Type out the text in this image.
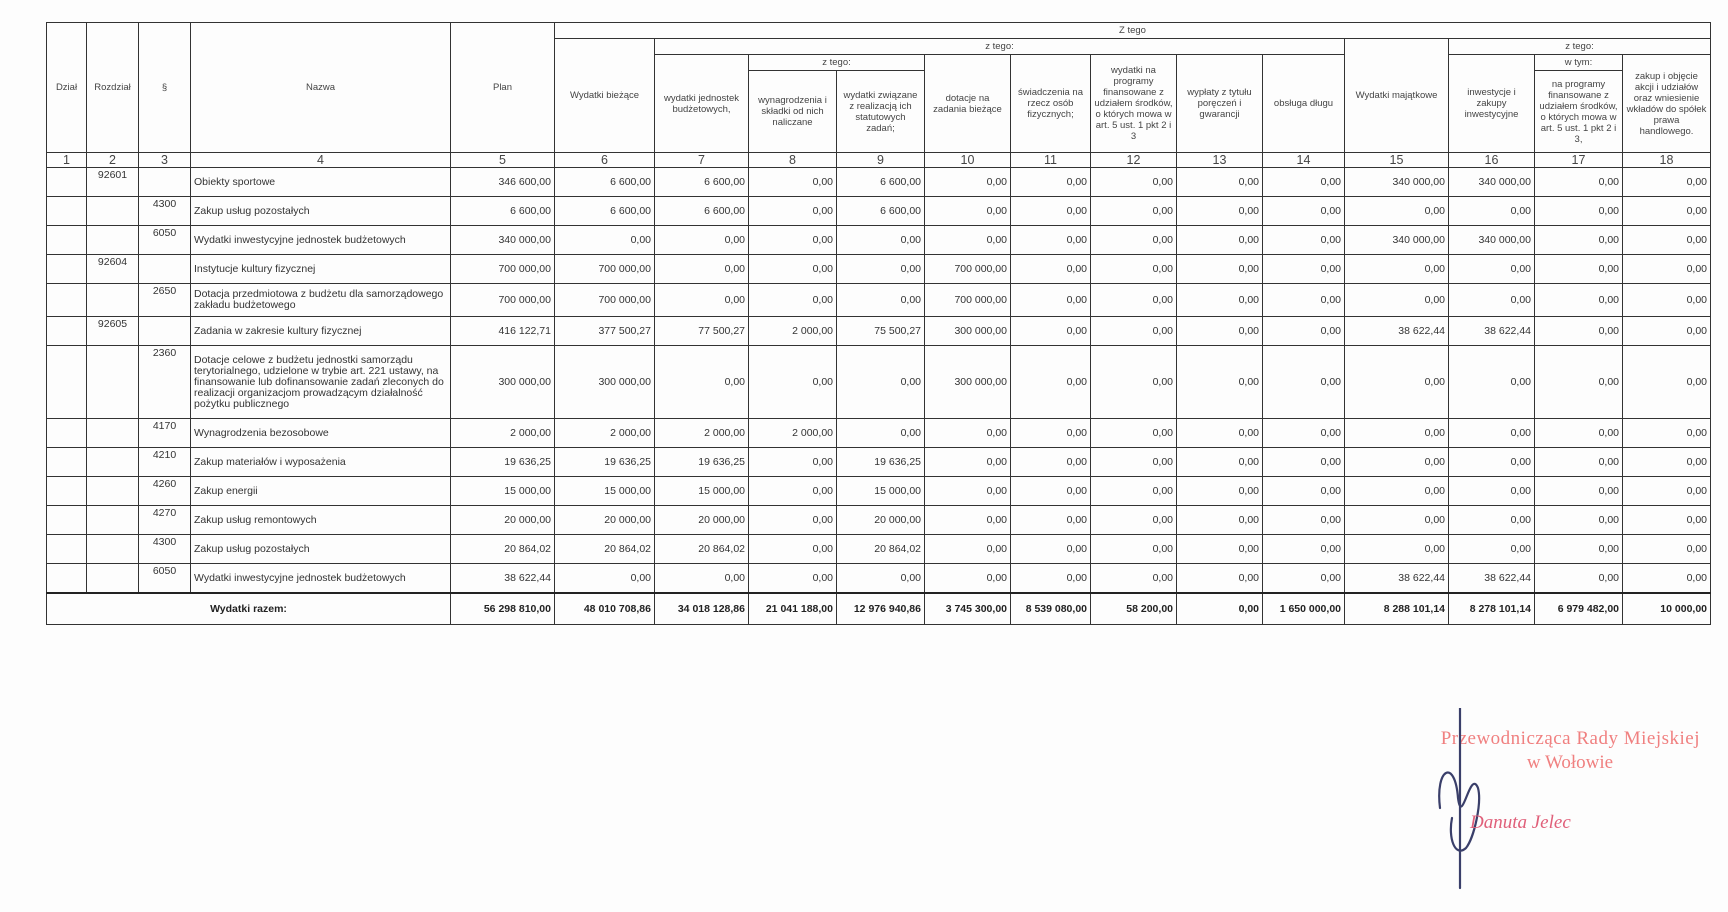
Dział	Rozdział	§	Nazwa	Plan	Z tego												
					Wydatki bieżące	z tego:								Wydatki majątkowe	z tego:		
						wydatki jednostek budżetowych,	z tego:		dotacje na zadania bieżące	świadczenia na rzecz osób fizycznych;	wydatki na programy finansowane z udziałem środków, o których mowa w art. 5 ust. 1 pkt 2 i 3	wypłaty z tytułu poręczeń i gwarancji	obsługa długu		inwestycje i zakupy inwestycyjne	w tym:	zakup i objęcie akcji i udziałów oraz wniesienie wkładów do spółek prawa handlowego.
							wynagrodzenia i składki od nich naliczane	wydatki związane z realizacją ich statutowych zadań;								na programy finansowane z udziałem środków, o których mowa w art. 5 ust. 1 pkt 2 i 3,	
1	2	3	4	5	6	7	8	9	10	11	12	13	14	15	16	17	18
	92601		Obiekty sportowe	346 600,00	6 600,00	6 600,00	0,00	6 600,00	0,00	0,00	0,00	0,00	0,00	340 000,00	340 000,00	0,00	0,00
		4300	Zakup usług pozostałych	6 600,00	6 600,00	6 600,00	0,00	6 600,00	0,00	0,00	0,00	0,00	0,00	0,00	0,00	0,00	0,00
		6050	Wydatki inwestycyjne jednostek budżetowych	340 000,00	0,00	0,00	0,00	0,00	0,00	0,00	0,00	0,00	0,00	340 000,00	340 000,00	0,00	0,00
	92604		Instytucje kultury fizycznej	700 000,00	700 000,00	0,00	0,00	0,00	700 000,00	0,00	0,00	0,00	0,00	0,00	0,00	0,00	0,00
		2650	Dotacja przedmiotowa z budżetu dla samorządowego zakładu budżetowego	700 000,00	700 000,00	0,00	0,00	0,00	700 000,00	0,00	0,00	0,00	0,00	0,00	0,00	0,00	0,00
	92605		Zadania w zakresie kultury fizycznej	416 122,71	377 500,27	77 500,27	2 000,00	75 500,27	300 000,00	0,00	0,00	0,00	0,00	38 622,44	38 622,44	0,00	0,00
		2360	Dotacje celowe z budżetu jednostki samorządu terytorialnego, udzielone w trybie art. 221 ustawy, na finansowanie lub dofinansowanie zadań zleconych do realizacji organizacjom prowadzącym działalność pożytku publicznego	300 000,00	300 000,00	0,00	0,00	0,00	300 000,00	0,00	0,00	0,00	0,00	0,00	0,00	0,00	0,00
		4170	Wynagrodzenia bezosobowe	2 000,00	2 000,00	2 000,00	2 000,00	0,00	0,00	0,00	0,00	0,00	0,00	0,00	0,00	0,00	0,00
		4210	Zakup materiałów i wyposażenia	19 636,25	19 636,25	19 636,25	0,00	19 636,25	0,00	0,00	0,00	0,00	0,00	0,00	0,00	0,00	0,00
		4260	Zakup energii	15 000,00	15 000,00	15 000,00	0,00	15 000,00	0,00	0,00	0,00	0,00	0,00	0,00	0,00	0,00	0,00
		4270	Zakup usług remontowych	20 000,00	20 000,00	20 000,00	0,00	20 000,00	0,00	0,00	0,00	0,00	0,00	0,00	0,00	0,00	0,00
		4300	Zakup usług pozostałych	20 864,02	20 864,02	20 864,02	0,00	20 864,02	0,00	0,00	0,00	0,00	0,00	0,00	0,00	0,00	0,00
		6050	Wydatki inwestycyjne jednostek budżetowych	38 622,44	0,00	0,00	0,00	0,00	0,00	0,00	0,00	0,00	0,00	38 622,44	38 622,44	0,00	0,00
Wydatki razem:				56 298 810,00	48 010 708,86	34 018 128,86	21 041 188,00	12 976 940,86	3 745 300,00	8 539 080,00	58 200,00	0,00	1 650 000,00	8 288 101,14	8 278 101,14	6 979 482,00	10 000,00
Przewodnicząca Rady Miejskiej
w Wołowie
Danuta Jelec
